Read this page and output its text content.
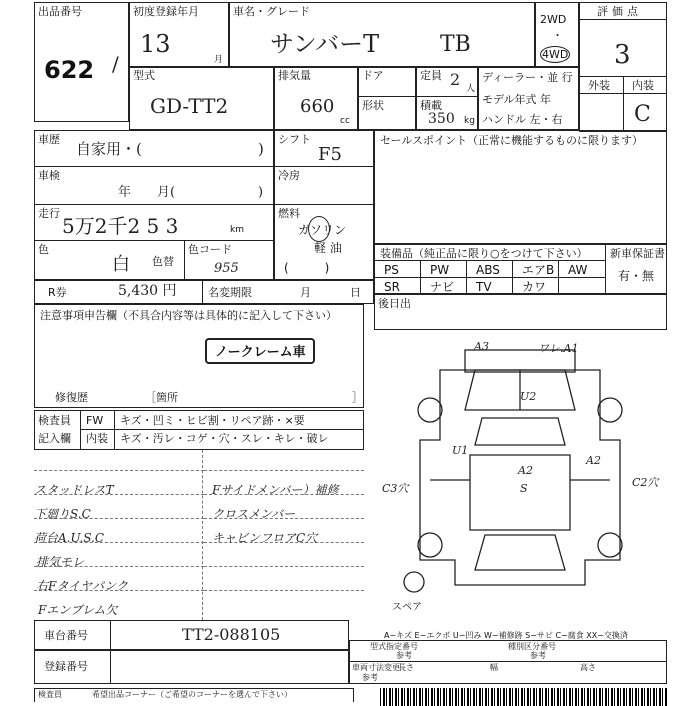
出品番号
622 /
初度登録年月
13
月
車名・グレード
サンバーT	TB
2WD
・
4WD
評価点
3
外装 内装
C
型式
GD-TT2
排気量
660
cc
ドア
形状
定員 2 人
積載
350 kg
ディーラー・並 行
モデル年式 年
ハンドル 左・右
車歴
自家用・(	)
車検
年　　月(	)
走行
5万2千2 5 3	km
色
白 色替
色コード
955
シフト
F5
冷房
燃料
ガソリン
軽 油
(　　　)
R券	5,430 円	名変期限	月	日
セールスポイント（正常に機能するものに限ります）
装備品（純正品に限り○をつけて下さい） 新車保証書
有・無
PS	PW ABS エアB AW
SR	ナビ TV	カワ
後日出
注意事項申告欄（不具合内容等は具体的に記入して下さい）
ノークレーム車
修復歴	［箇所	］
検査員
記入欄
FW キズ・凹ミ・ヒビ割・リペア跡・×要
内装 キズ・汚レ・コゲ・穴・スレ・キレ・破レ
スタッドレスT
下廻りS.C
荷台A.U.S.C
排気モレ
右Fタイヤパンク
Fエンブレム欠
Fサイドメンバー）補修
クロスメンバー
キャビンフロアC穴
A3	ワレ.A1
U2
U1
A2
S
A2
C3穴	C2穴
スペア
車台番号	TT2-088105
登録番号
A−キズ E−エクボ U−凹み W−補修跡 S−サビ C−腐食 XX−交換済
型式指定番号
参考
種別区分番号
参考
車両寸法変更
参考
長さ	幅	高さ
検査員	希望出品コーナー（ご希望のコーナーを選んで下さい）
